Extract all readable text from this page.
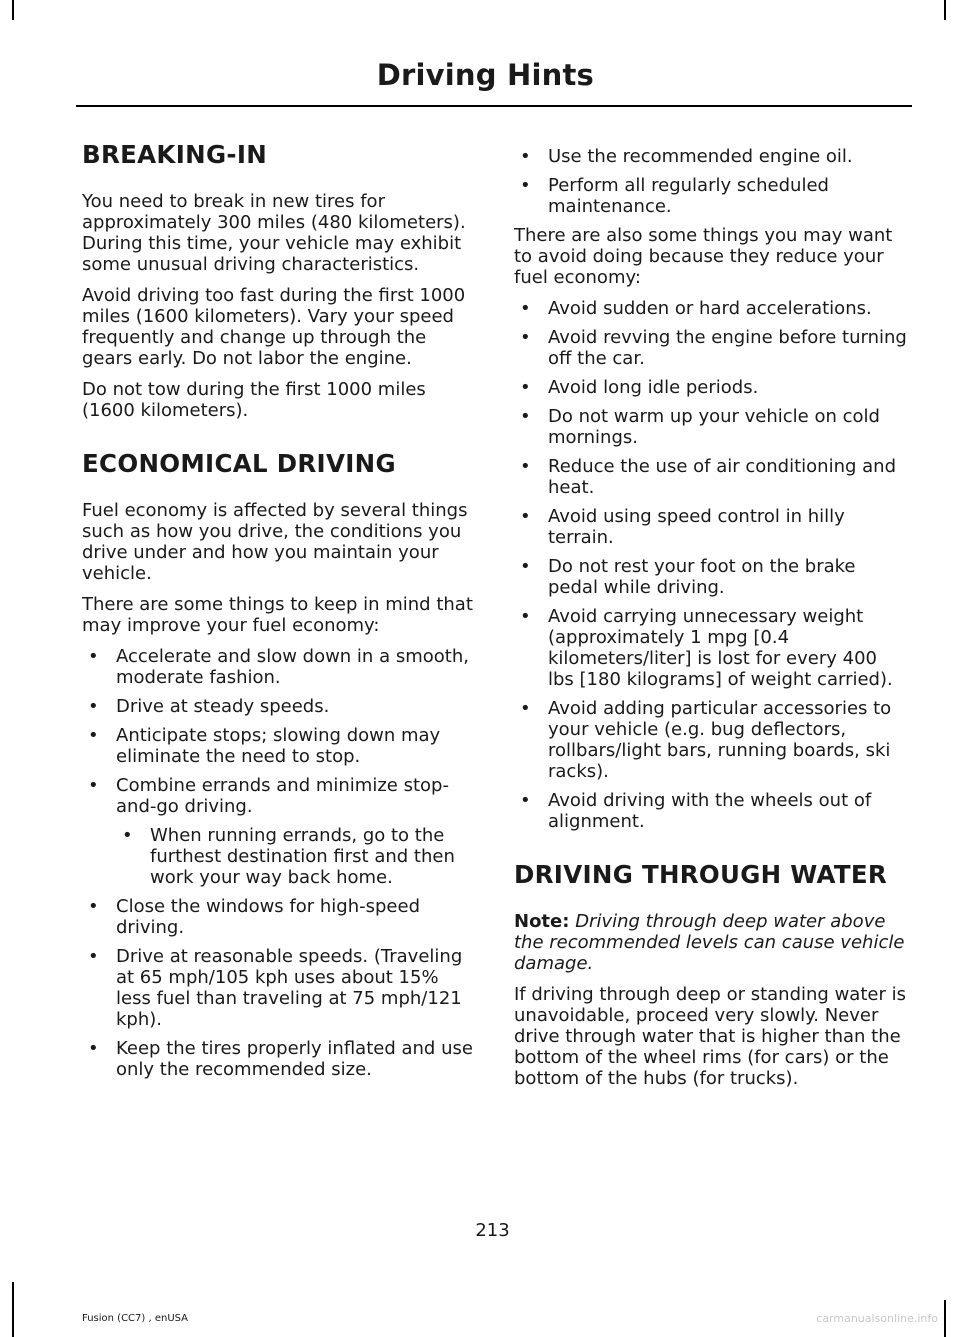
Driving Hints
BREAKING-IN

You need to break in new tires for approximately 300 miles (480 kilometers). During this time, your vehicle may exhibit some unusual driving characteristics.

Avoid driving too fast during the first 1000 miles (1600 kilometers). Vary your speed frequently and change up through the gears early. Do not labor the engine.

Do not tow during the first 1000 miles (1600 kilometers).

ECONOMICAL DRIVING

Fuel economy is affected by several things such as how you drive, the conditions you drive under and how you maintain your vehicle.

There are some things to keep in mind that may improve your fuel economy:

• Accelerate and slow down in a smooth, moderate fashion.
• Drive at steady speeds.
• Anticipate stops; slowing down may eliminate the need to stop.
• Combine errands and minimize stop-and-go driving.
• When running errands, go to the furthest destination first and then work your way back home.
• Close the windows for high-speed driving.
• Drive at reasonable speeds. (Traveling at 65 mph/105 kph uses about 15% less fuel than traveling at 75 mph/121 kph).
• Keep the tires properly inflated and use only the recommended size.
• Use the recommended engine oil.
• Perform all regularly scheduled maintenance.

There are also some things you may want to avoid doing because they reduce your fuel economy:

• Avoid sudden or hard accelerations.
• Avoid revving the engine before turning off the car.
• Avoid long idle periods.
• Do not warm up your vehicle on cold mornings.
• Reduce the use of air conditioning and heat.
• Avoid using speed control in hilly terrain.
• Do not rest your foot on the brake pedal while driving.
• Avoid carrying unnecessary weight (approximately 1 mpg [0.4 kilometers/liter] is lost for every 400 lbs [180 kilograms] of weight carried).
• Avoid adding particular accessories to your vehicle (e.g. bug deflectors, rollbars/light bars, running boards, ski racks).
• Avoid driving with the wheels out of alignment.
DRIVING THROUGH WATER

Note: Driving through deep water above the recommended levels can cause vehicle damage.

If driving through deep or standing water is unavoidable, proceed very slowly. Never drive through water that is higher than the bottom of the wheel rims (for cars) or the bottom of the hubs (for trucks).

213
Fusion (CC7) , enUSA	carmanualsonline.info
